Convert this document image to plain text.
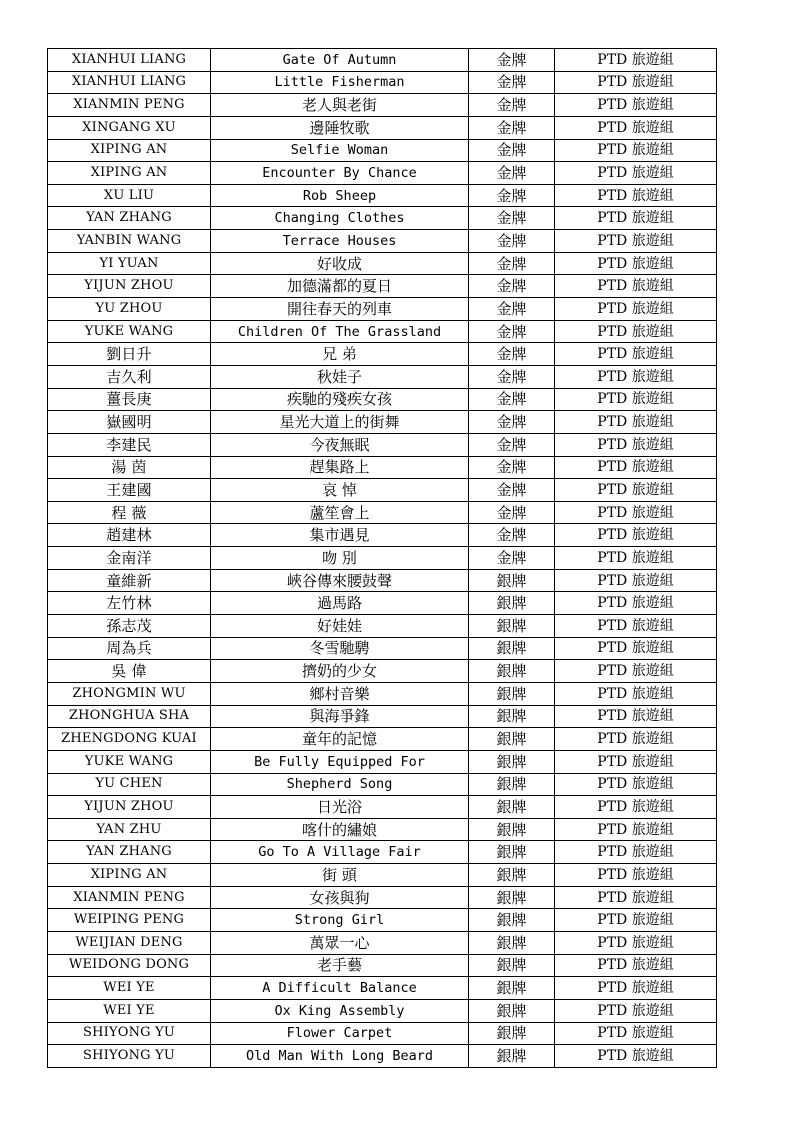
XIANHUI LIANG	Gate Of Autumn	金牌	PTD 旅遊組
XIANHUI LIANG	Little Fisherman	金牌	PTD 旅遊組
XIANMIN PENG	老人與老街	金牌	PTD 旅遊組
XINGANG XU	邊陲牧歌	金牌	PTD 旅遊組
XIPING AN	Selfie Woman	金牌	PTD 旅遊組
XIPING AN	Encounter By Chance	金牌	PTD 旅遊組
XU LIU	Rob Sheep	金牌	PTD 旅遊組
YAN ZHANG	Changing Clothes	金牌	PTD 旅遊組
YANBIN WANG	Terrace Houses	金牌	PTD 旅遊組
YI YUAN	好收成	金牌	PTD 旅遊組
YIJUN ZHOU	加德滿都的夏日	金牌	PTD 旅遊組
YU ZHOU	開往春天的列車	金牌	PTD 旅遊組
YUKE WANG	Children Of The Grassland	金牌	PTD 旅遊組
劉日升	兄 弟	金牌	PTD 旅遊組
吉久利	秋娃子	金牌	PTD 旅遊組
薑長庚	疾馳的殘疾女孩	金牌	PTD 旅遊組
嶽國明	星光大道上的街舞	金牌	PTD 旅遊組
李建民	今夜無眠	金牌	PTD 旅遊組
湯 茵	趕集路上	金牌	PTD 旅遊組
王建國	哀 悼	金牌	PTD 旅遊組
程 薇	蘆笙會上	金牌	PTD 旅遊組
趙建林	集市遇見	金牌	PTD 旅遊組
金南洋	吻 別	金牌	PTD 旅遊組
童維新	峽谷傳來腰鼓聲	銀牌	PTD 旅遊組
左竹林	過馬路	銀牌	PTD 旅遊組
孫志茂	好娃娃	銀牌	PTD 旅遊組
周為兵	冬雪馳騁	銀牌	PTD 旅遊組
吳 偉	擠奶的少女	銀牌	PTD 旅遊組
ZHONGMIN WU	鄉村音樂	銀牌	PTD 旅遊組
ZHONGHUA SHA	與海爭鋒	銀牌	PTD 旅遊組
ZHENGDONG KUAI	童年的記憶	銀牌	PTD 旅遊組
YUKE WANG	Be Fully Equipped For	銀牌	PTD 旅遊組
YU CHEN	Shepherd Song	銀牌	PTD 旅遊組
YIJUN ZHOU	日光浴	銀牌	PTD 旅遊組
YAN ZHU	喀什的繡娘	銀牌	PTD 旅遊組
YAN ZHANG	Go To A Village Fair	銀牌	PTD 旅遊組
XIPING AN	街 頭	銀牌	PTD 旅遊組
XIANMIN PENG	女孩與狗	銀牌	PTD 旅遊組
WEIPING PENG	Strong Girl	銀牌	PTD 旅遊組
WEIJIAN DENG	萬眾一心	銀牌	PTD 旅遊組
WEIDONG DONG	老手藝	銀牌	PTD 旅遊組
WEI YE	A Difficult Balance	銀牌	PTD 旅遊組
WEI YE	Ox King Assembly	銀牌	PTD 旅遊組
SHIYONG YU	Flower Carpet	銀牌	PTD 旅遊組
SHIYONG YU	Old Man With Long Beard	銀牌	PTD 旅遊組
